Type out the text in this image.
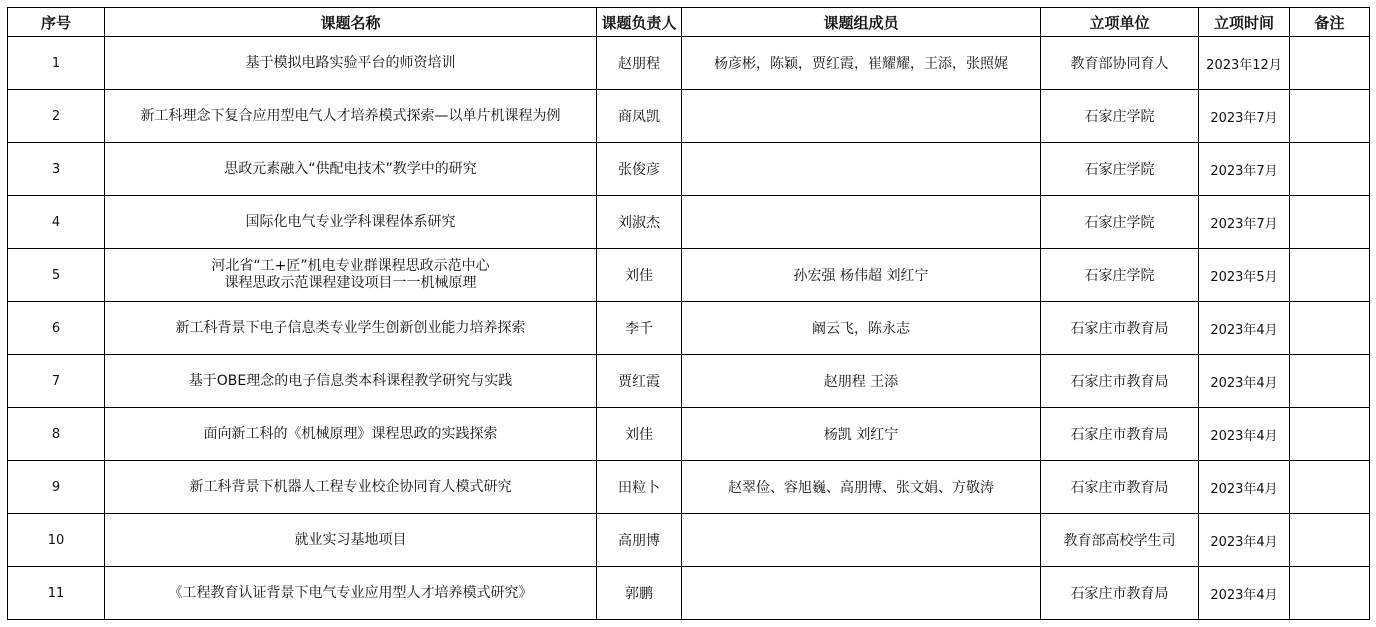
序号	课题名称	课题负责人	课题组成员	立项单位	立项时间	备注
1	基于模拟电路实验平台的师资培训	赵朋程	杨彦彬，陈颖，贾红霞，崔耀耀，王添，张照娓	教育部协同育人	2023年12月	
2	新工科理念下复合应用型电气人才培养模式探索—以单片机课程为例	商凤凯		石家庄学院	2023年7月	
3	思政元素融入“供配电技术”教学中的研究	张俊彦		石家庄学院	2023年7月	
4	国际化电气专业学科课程体系研究	刘淑杰		石家庄学院	2023年7月	
5	河北省“工+匠”机电专业群课程思政示范中心
课程思政示范课程建设项目一一机械原理	刘佳	孙宏强 杨伟超 刘红宁	石家庄学院	2023年5月	
6	新工科背景下电子信息类专业学生创新创业能力培养探索	李千	阚云飞，陈永志	石家庄市教育局	2023年4月	
7	基于OBE理念的电子信息类本科课程教学研究与实践	贾红霞	赵朋程 王添	石家庄市教育局	2023年4月	
8	面向新工科的《机械原理》课程思政的实践探索	刘佳	杨凯 刘红宁	石家庄市教育局	2023年4月	
9	新工科背景下机器人工程专业校企协同育人模式研究	田粒卜	赵翠俭、容旭巍、高朋博、张文娟、方敬涛	石家庄市教育局	2023年4月	
10	就业实习基地项目	高朋博		教育部高校学生司	2023年4月	
11	《工程教育认证背景下电气专业应用型人才培养模式研究》	郭鹏		石家庄市教育局	2023年4月	
